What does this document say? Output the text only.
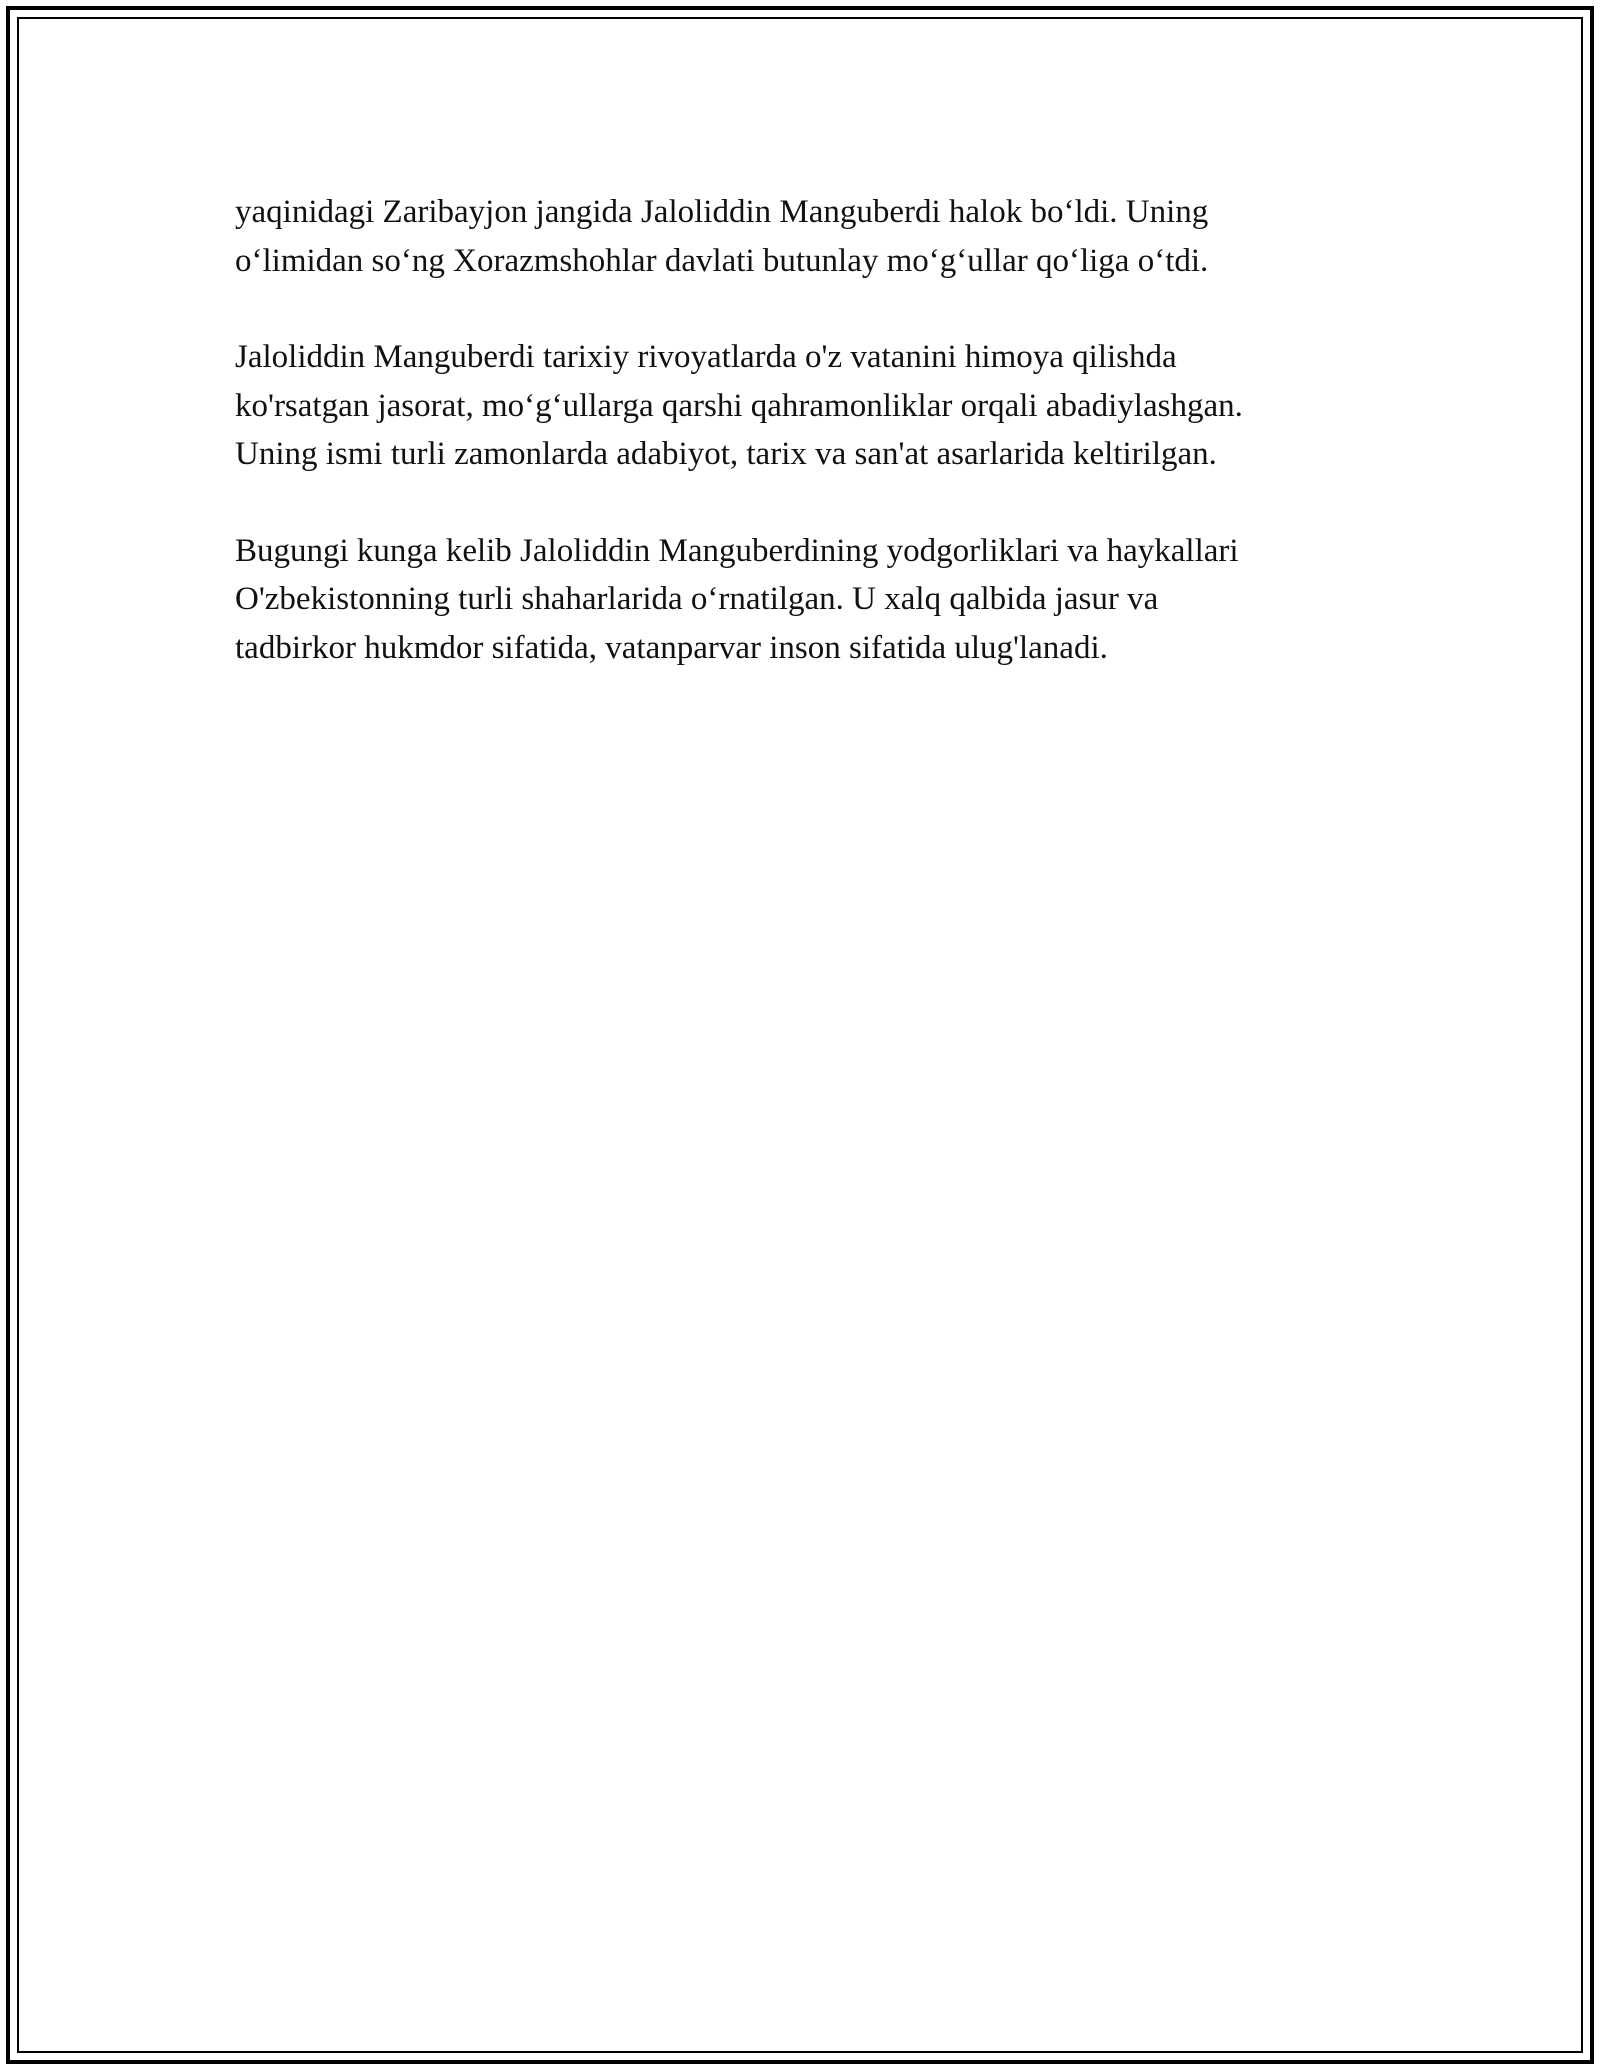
yaqinidagi Zaribayjon jangida Jaloliddin Manguberdi halok bo‘ldi. Uning
o‘limidan so‘ng Xorazmshohlar davlati butunlay mo‘g‘ullar qo‘liga o‘tdi.

Jaloliddin Manguberdi tarixiy rivoyatlarda o'z vatanini himoya qilishda
ko'rsatgan jasorat, mo‘g‘ullarga qarshi qahramonliklar orqali abadiylashgan.
Uning ismi turli zamonlarda adabiyot, tarix va san'at asarlarida keltirilgan.

Bugungi kunga kelib Jaloliddin Manguberdining yodgorliklari va haykallari
O'zbekistonning turli shaharlarida o‘rnatilgan. U xalq qalbida jasur va
tadbirkor hukmdor sifatida, vatanparvar inson sifatida ulug'lanadi.
